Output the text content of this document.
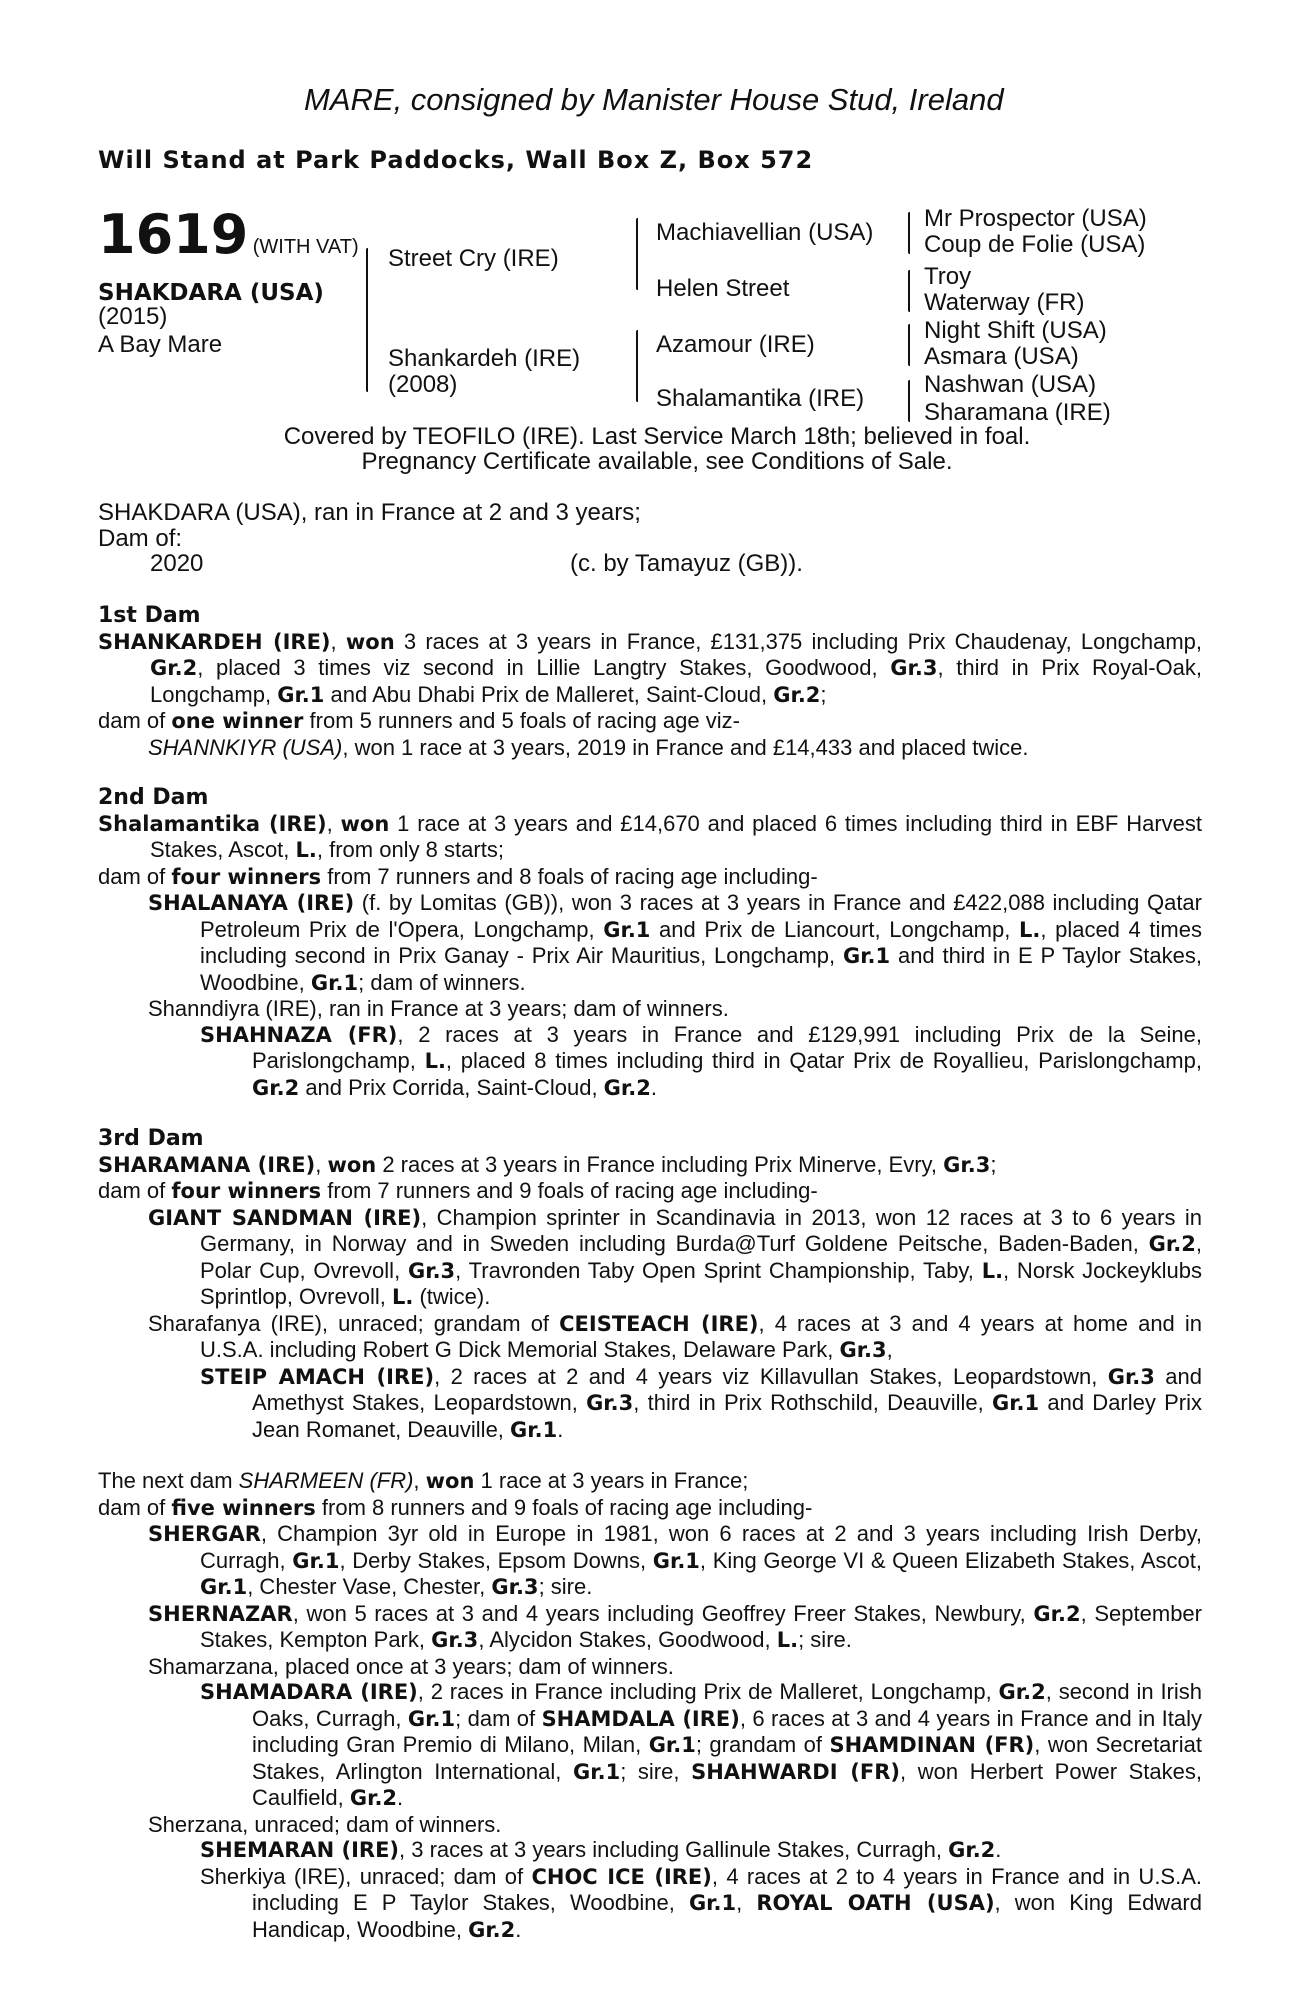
MARE, consigned by Manister House Stud, Ireland
Will Stand at Park Paddocks, Wall Box Z, Box 572
1619 (WITH VAT)
SHAKDARA (USA)
(2015)
A Bay Mare
Street Cry (IRE)
Shankardeh (IRE)
(2008)
Machiavellian (USA)
Helen Street
Azamour (IRE)
Shalamantika (IRE)
Mr Prospector (USA)
Coup de Folie (USA)
Troy
Waterway (FR)
Night Shift (USA)
Asmara (USA)
Nashwan (USA)
Sharamana (IRE)
Covered by TEOFILO (IRE). Last Service March 18th; believed in foal.
Pregnancy Certificate available, see Conditions of Sale.
SHAKDARA (USA), ran in France at 2 and 3 years;
Dam of:
2020	(c. by Tamayuz (GB)).

1st Dam

SHANKARDEH (IRE), won 3 races at 3 years in France, £131,375 including Prix Chaudenay, Longchamp, Gr.2, placed 3 times viz second in Lillie Langtry Stakes, Goodwood, Gr.3, third in Prix Royal-Oak, Longchamp, Gr.1 and Abu Dhabi Prix de Malleret, Saint-Cloud, Gr.2;

dam of one winner from 5 runners and 5 foals of racing age viz-

SHANNKIYR (USA), won 1 race at 3 years, 2019 in France and £14,433 and placed twice.

2nd Dam

Shalamantika (IRE), won 1 race at 3 years and £14,670 and placed 6 times including third in EBF Harvest Stakes, Ascot, L., from only 8 starts;

dam of four winners from 7 runners and 8 foals of racing age including-

SHALANAYA (IRE) (f. by Lomitas (GB)), won 3 races at 3 years in France and £422,088 including Qatar Petroleum Prix de l'Opera, Longchamp, Gr.1 and Prix de Liancourt, Longchamp, L., placed 4 times including second in Prix Ganay - Prix Air Mauritius, Longchamp, Gr.1 and third in E P Taylor Stakes, Woodbine, Gr.1; dam of winners.

Shanndiyra (IRE), ran in France at 3 years; dam of winners.

SHAHNAZA (FR), 2 races at 3 years in France and £129,991 including Prix de la Seine, Parislongchamp, L., placed 8 times including third in Qatar Prix de Royallieu, Parislongchamp, Gr.2 and Prix Corrida, Saint-Cloud, Gr.2.

3rd Dam

SHARAMANA (IRE), won 2 races at 3 years in France including Prix Minerve, Evry, Gr.3;

dam of four winners from 7 runners and 9 foals of racing age including-

GIANT SANDMAN (IRE), Champion sprinter in Scandinavia in 2013, won 12 races at 3 to 6 years in Germany, in Norway and in Sweden including Burda@Turf Goldene Peitsche, Baden-Baden, Gr.2, Polar Cup, Ovrevoll, Gr.3, Travronden Taby Open Sprint Championship, Taby, L., Norsk Jockeyklubs Sprintlop, Ovrevoll, L. (twice).

Sharafanya (IRE), unraced; grandam of CEISTEACH (IRE), 4 races at 3 and 4 years at home and in U.S.A. including Robert G Dick Memorial Stakes, Delaware Park, Gr.3,

STEIP AMACH (IRE), 2 races at 2 and 4 years viz Killavullan Stakes, Leopardstown, Gr.3 and Amethyst Stakes, Leopardstown, Gr.3, third in Prix Rothschild, Deauville, Gr.1 and Darley Prix Jean Romanet, Deauville, Gr.1.

The next dam SHARMEEN (FR), won 1 race at 3 years in France;

dam of five winners from 8 runners and 9 foals of racing age including-

SHERGAR, Champion 3yr old in Europe in 1981, won 6 races at 2 and 3 years including Irish Derby, Curragh, Gr.1, Derby Stakes, Epsom Downs, Gr.1, King George VI & Queen Elizabeth Stakes, Ascot, Gr.1, Chester Vase, Chester, Gr.3; sire.

SHERNAZAR, won 5 races at 3 and 4 years including Geoffrey Freer Stakes, Newbury, Gr.2, September Stakes, Kempton Park, Gr.3, Alycidon Stakes, Goodwood, L.; sire.

Shamarzana, placed once at 3 years; dam of winners.

SHAMADARA (IRE), 2 races in France including Prix de Malleret, Longchamp, Gr.2, second in Irish Oaks, Curragh, Gr.1; dam of SHAMDALA (IRE), 6 races at 3 and 4 years in France and in Italy including Gran Premio di Milano, Milan, Gr.1; grandam of SHAMDINAN (FR), won Secretariat Stakes, Arlington International, Gr.1; sire, SHAHWARDI (FR), won Herbert Power Stakes, Caulfield, Gr.2.

Sherzana, unraced; dam of winners.

SHEMARAN (IRE), 3 races at 3 years including Gallinule Stakes, Curragh, Gr.2.

Sherkiya (IRE), unraced; dam of CHOC ICE (IRE), 4 races at 2 to 4 years in France and in U.S.A. including E P Taylor Stakes, Woodbine, Gr.1, ROYAL OATH (USA), won King Edward Handicap, Woodbine, Gr.2.
